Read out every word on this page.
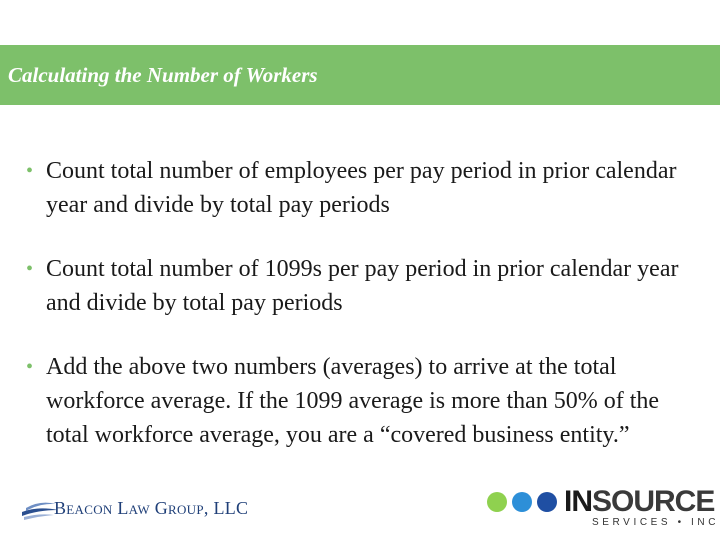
Calculating the Number of Workers
• Count total number of employees per pay period in prior calendar year and divide by total pay periods
• Count total number of 1099s per pay period in prior calendar year and divide by total pay periods
• Add the above two numbers (averages) to arrive at the total workforce average. If the 1099 average is more than 50% of the total workforce average, you are a “covered business entity.”
Beacon Law Group, LLC	INSOURCE
SERVICES • INC
